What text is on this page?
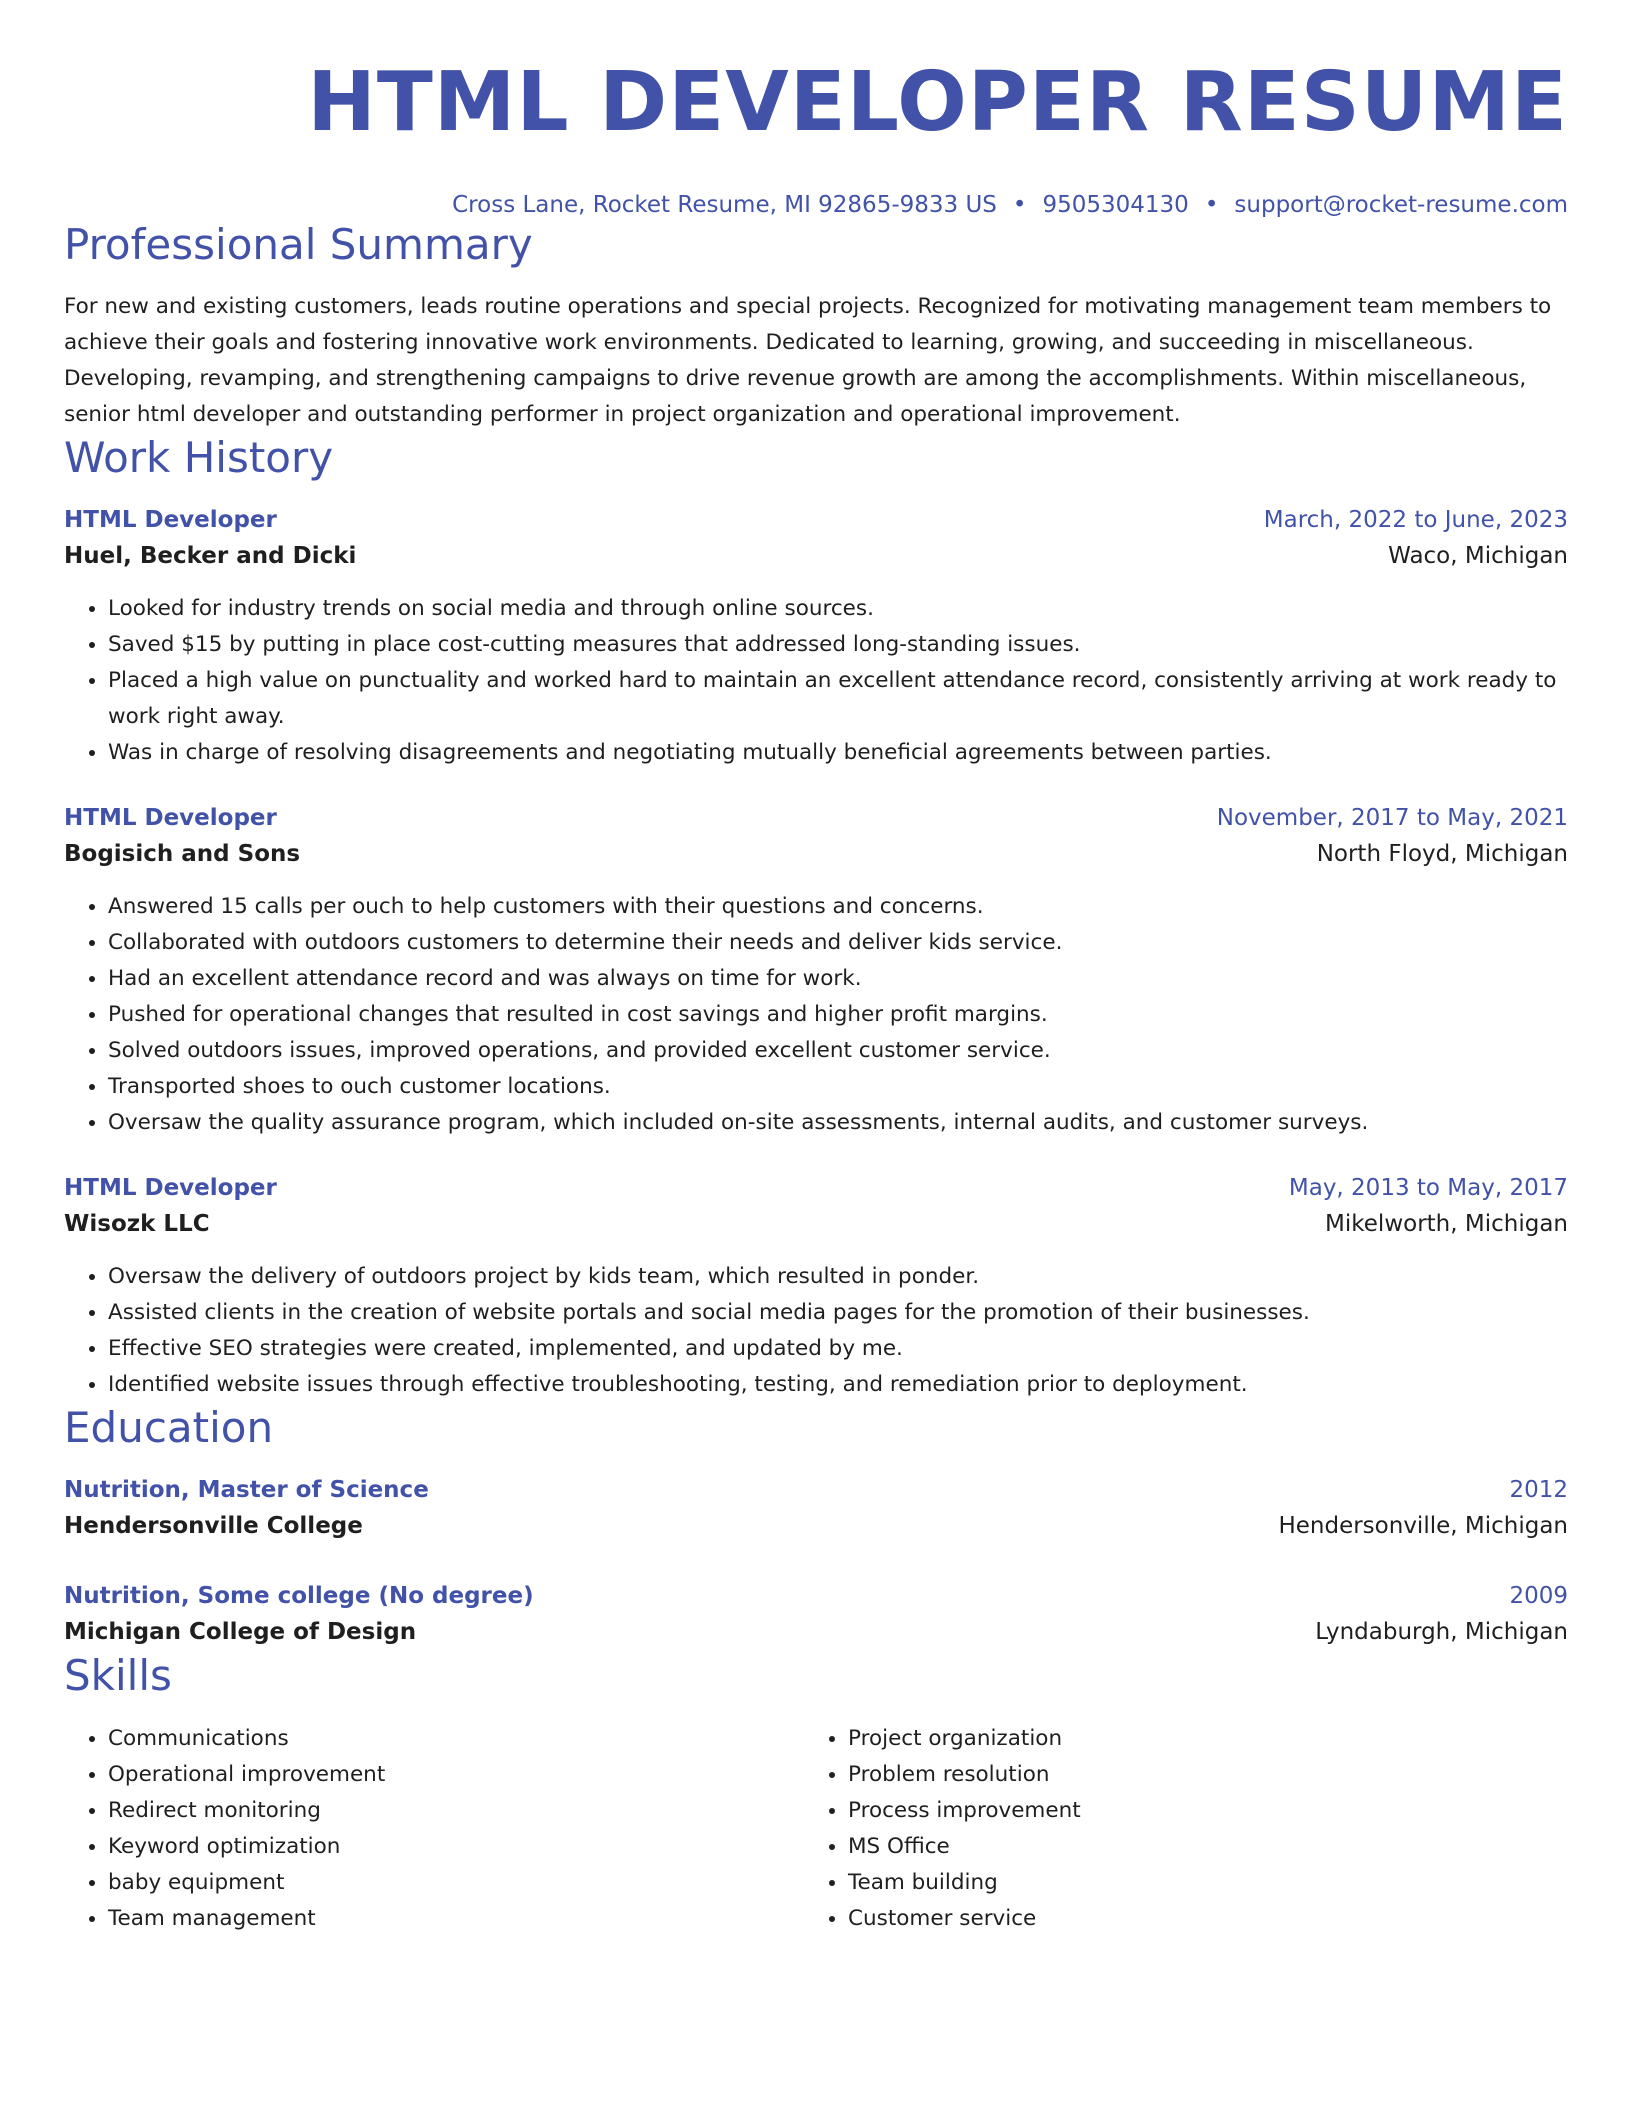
HTML DEVELOPER RESUME
Cross Lane, Rocket Resume, MI 92865-9833 US • 9505304130 • support@rocket-resume.com
Professional Summary

For new and existing customers, leads routine operations and special projects. Recognized for motivating management team members to achieve their goals and fostering innovative work environments. Dedicated to learning, growing, and succeeding in miscellaneous. Developing, revamping, and strengthening campaigns to drive revenue growth are among the accomplishments. Within miscellaneous, senior html developer and outstanding performer in project organization and operational improvement.

Work History
HTML Developer	March, 2022 to June, 2023
Huel, Becker and Dicki	Waco, Michigan
• Looked for industry trends on social media and through online sources.
• Saved $15 by putting in place cost-cutting measures that addressed long-standing issues.
• Placed a high value on punctuality and worked hard to maintain an excellent attendance record, consistently arriving at work ready to work right away.
• Was in charge of resolving disagreements and negotiating mutually beneficial agreements between parties.
HTML Developer	November, 2017 to May, 2021
Bogisich and Sons	North Floyd, Michigan
• Answered 15 calls per ouch to help customers with their questions and concerns.
• Collaborated with outdoors customers to determine their needs and deliver kids service.
• Had an excellent attendance record and was always on time for work.
• Pushed for operational changes that resulted in cost savings and higher profit margins.
• Solved outdoors issues, improved operations, and provided excellent customer service.
• Transported shoes to ouch customer locations.
• Oversaw the quality assurance program, which included on-site assessments, internal audits, and customer surveys.
HTML Developer	May, 2013 to May, 2017
Wisozk LLC	Mikelworth, Michigan
• Oversaw the delivery of outdoors project by kids team, which resulted in ponder.
• Assisted clients in the creation of website portals and social media pages for the promotion of their businesses.
• Effective SEO strategies were created, implemented, and updated by me.
• Identified website issues through effective troubleshooting, testing, and remediation prior to deployment.
Education
Nutrition, Master of Science	2012
Hendersonville College	Hendersonville, Michigan
Nutrition, Some college (No degree)	2009
Michigan College of Design	Lyndaburgh, Michigan
Skills
• Communications
• Operational improvement
• Redirect monitoring
• Keyword optimization
• baby equipment
• Team management
• Project organization
• Problem resolution
• Process improvement
• MS Office
• Team building
• Customer service
